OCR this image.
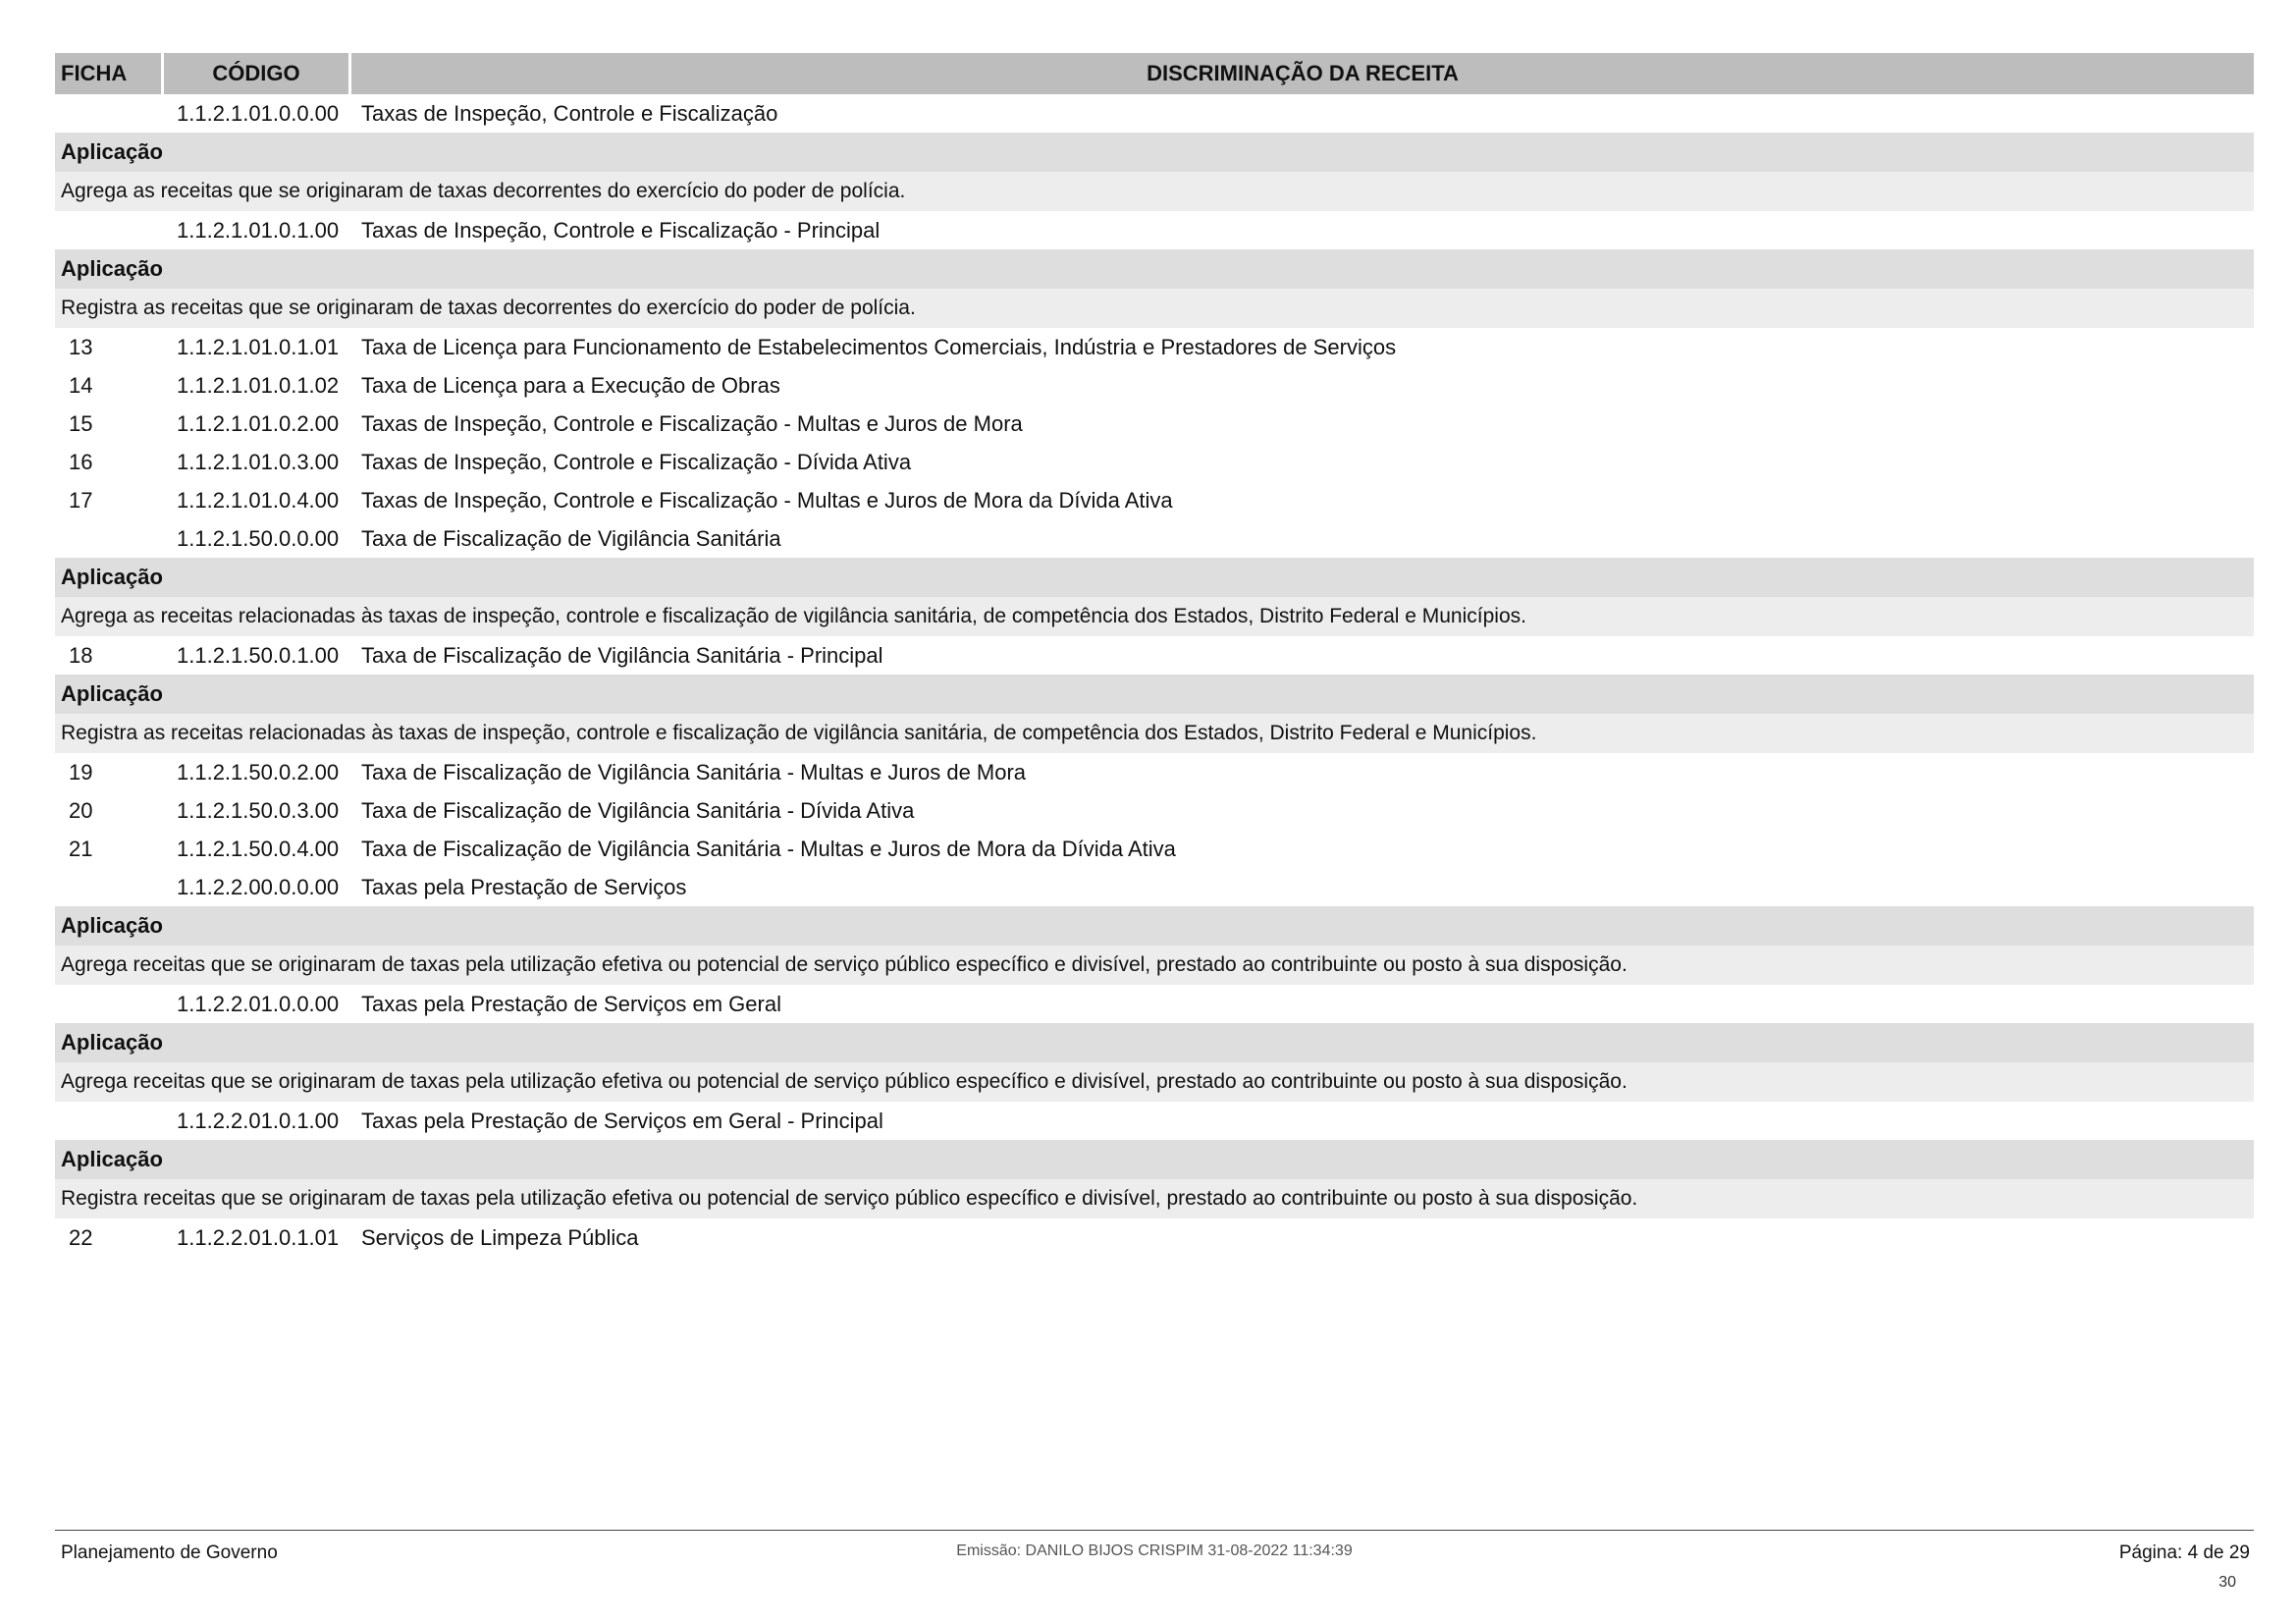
FICHA	CÓDIGO	DISCRIMINAÇÃO DA RECEITA
1.1.2.1.01.0.0.00	Taxas de Inspeção, Controle e Fiscalização
Aplicação
Agrega as receitas que se originaram de taxas decorrentes do exercício do poder de polícia.
1.1.2.1.01.0.1.00	Taxas de Inspeção, Controle e Fiscalização - Principal
Aplicação
Registra as receitas que se originaram de taxas decorrentes do exercício do poder de polícia.
13	1.1.2.1.01.0.1.01	Taxa de Licença para Funcionamento de Estabelecimentos Comerciais, Indústria e Prestadores de Serviços
14	1.1.2.1.01.0.1.02	Taxa de Licença para a Execução de Obras
15	1.1.2.1.01.0.2.00	Taxas de Inspeção, Controle e Fiscalização - Multas e Juros de Mora
16	1.1.2.1.01.0.3.00	Taxas de Inspeção, Controle e Fiscalização - Dívida Ativa
17	1.1.2.1.01.0.4.00	Taxas de Inspeção, Controle e Fiscalização - Multas e Juros de Mora da Dívida Ativa
1.1.2.1.50.0.0.00	Taxa de Fiscalização de Vigilância Sanitária
Aplicação
Agrega as receitas relacionadas às taxas de inspeção, controle e fiscalização de vigilância sanitária, de competência dos Estados, Distrito Federal e Municípios.
18	1.1.2.1.50.0.1.00	Taxa de Fiscalização de Vigilância Sanitária - Principal
Aplicação
Registra as receitas relacionadas às taxas de inspeção, controle e fiscalização de vigilância sanitária, de competência dos Estados, Distrito Federal e Municípios.
19	1.1.2.1.50.0.2.00	Taxa de Fiscalização de Vigilância Sanitária - Multas e Juros de Mora
20	1.1.2.1.50.0.3.00	Taxa de Fiscalização de Vigilância Sanitária - Dívida Ativa
21	1.1.2.1.50.0.4.00	Taxa de Fiscalização de Vigilância Sanitária - Multas e Juros de Mora da Dívida Ativa
1.1.2.2.00.0.0.00	Taxas pela Prestação de Serviços
Aplicação
Agrega receitas que se originaram de taxas pela utilização efetiva ou potencial de serviço público específico e divisível, prestado ao contribuinte ou posto à sua disposição.
1.1.2.2.01.0.0.00	Taxas pela Prestação de Serviços em Geral
Aplicação
Agrega receitas que se originaram de taxas pela utilização efetiva ou potencial de serviço público específico e divisível, prestado ao contribuinte ou posto à sua disposição.
1.1.2.2.01.0.1.00	Taxas pela Prestação de Serviços em Geral - Principal
Aplicação
Registra receitas que se originaram de taxas pela utilização efetiva ou potencial de serviço público específico e divisível, prestado ao contribuinte ou posto à sua disposição.
22	1.1.2.2.01.0.1.01	Serviços de Limpeza Pública
Planejamento de Governo	Emissão: DANILO BIJOS CRISPIM 31-08-2022 11:34:39	Página: 4 de 29
30
